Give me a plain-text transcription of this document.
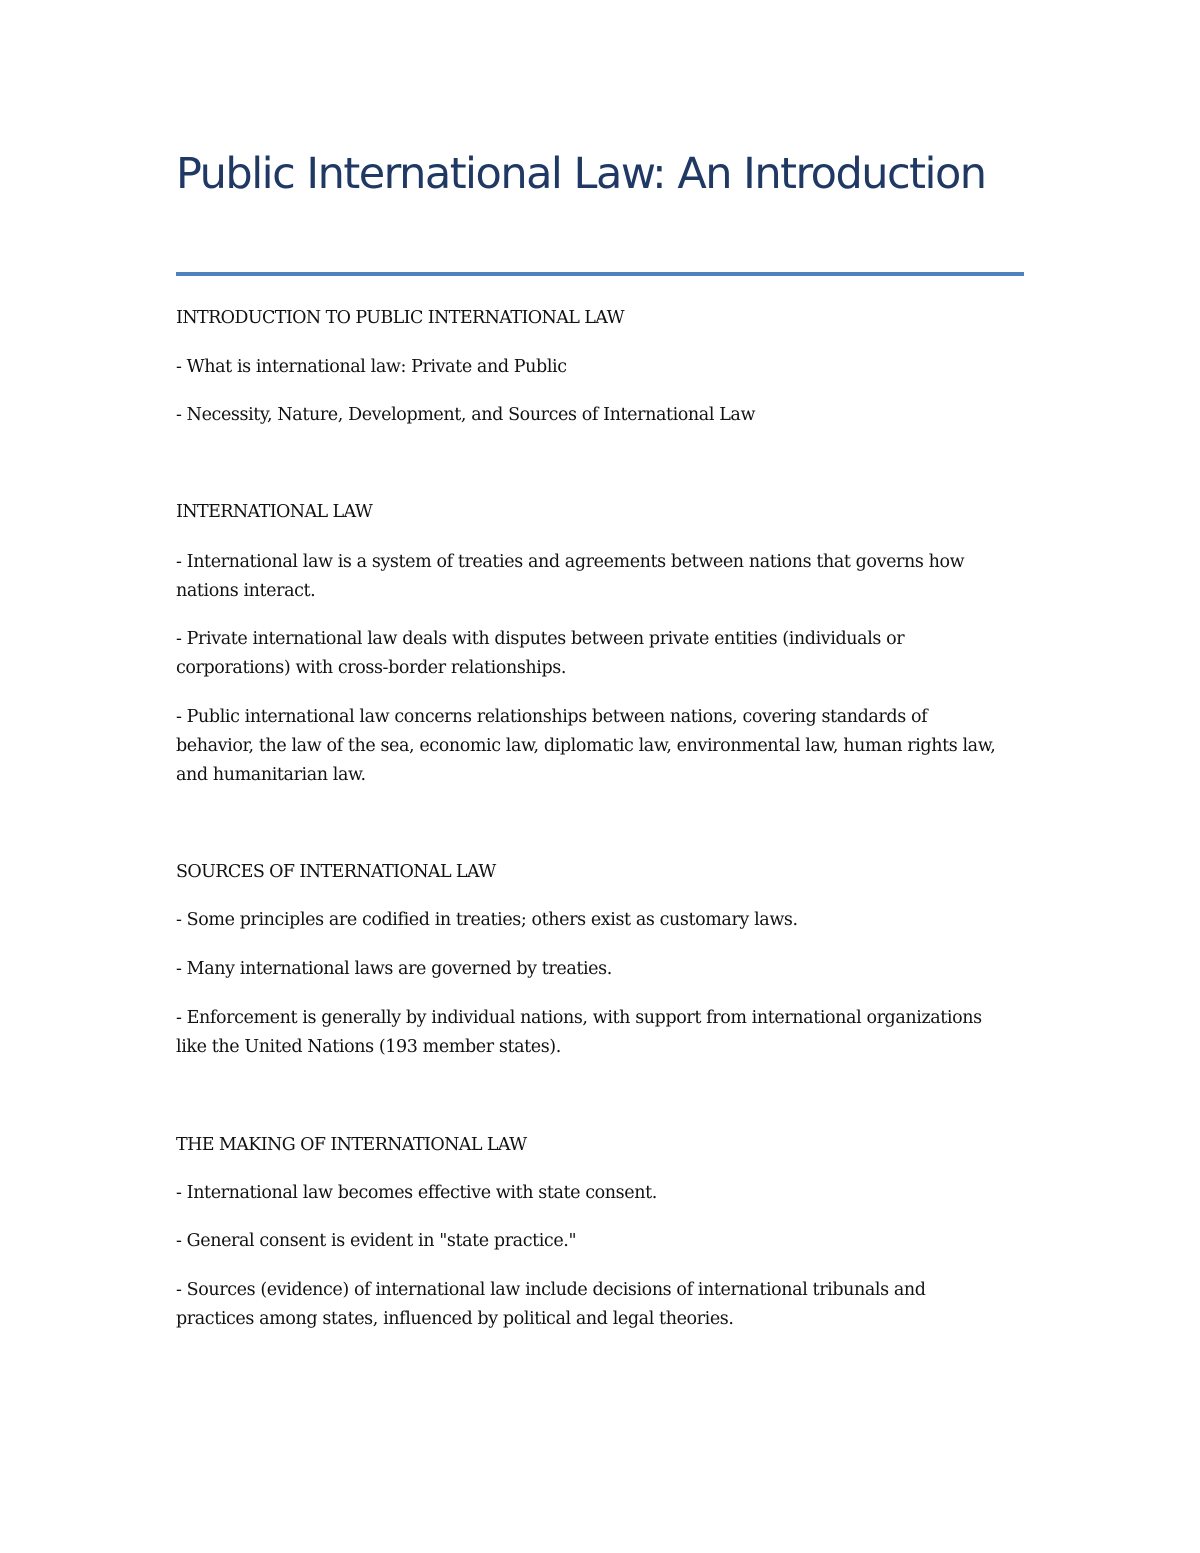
Public International Law: An Introduction

INTRODUCTION TO PUBLIC INTERNATIONAL LAW

- What is international law: Private and Public

- Necessity, Nature, Development, and Sources of International Law

INTERNATIONAL LAW

- International law is a system of treaties and agreements between nations that governs how nations interact.

- Private international law deals with disputes between private entities (individuals or corporations) with cross-border relationships.

- Public international law concerns relationships between nations, covering standards of behavior, the law of the sea, economic law, diplomatic law, environmental law, human rights law, and humanitarian law.

SOURCES OF INTERNATIONAL LAW

- Some principles are codified in treaties; others exist as customary laws.

- Many international laws are governed by treaties.

- Enforcement is generally by individual nations, with support from international organizations like the United Nations (193 member states).

THE MAKING OF INTERNATIONAL LAW

- International law becomes effective with state consent.

- General consent is evident in "state practice."

- Sources (evidence) of international law include decisions of international tribunals and practices among states, influenced by political and legal theories.
